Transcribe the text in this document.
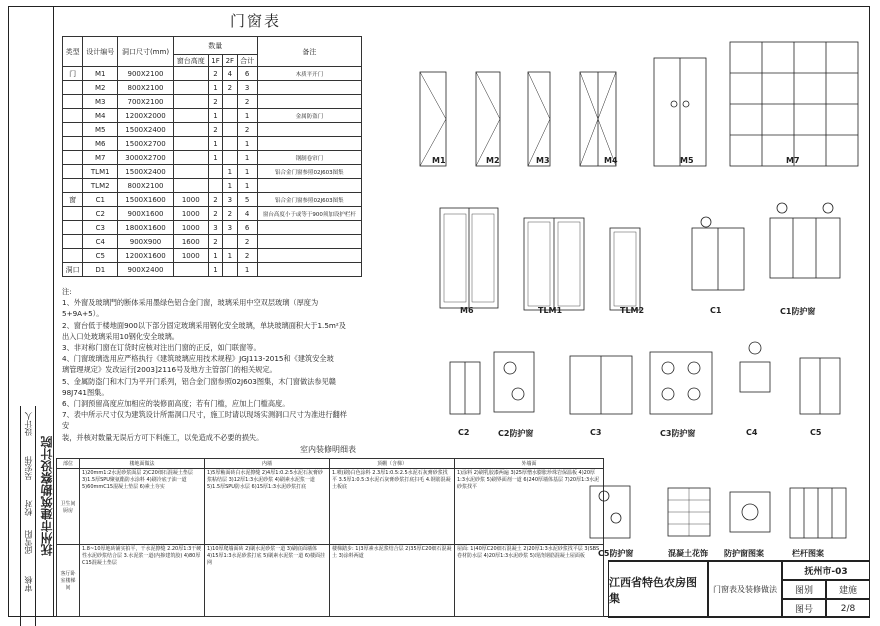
设计人
吴宏伟
校对
邱雪阳
审核
抚州市建筑勘察设计院
门窗表
类型	设计编号	洞口尺寸(mm)	数量				备注
			窗台高度	1F	2F	合计	
门	M1	900X2100		2	4	6	木质平开门
	M2	800X2100		1	2	3	
	M3	700X2100		2		2	
	M4	1200X2000		1		1	金属防盗门
	M5	1500X2400		2		2	
	M6	1500X2700		1		1	
	M7	3000X2700		1		1	钢制卷帘门
	TLM1	1500X2400			1	1	铝合金门窗参照02J603图集
	TLM2	800X2100			1	1	
窗	C1	1500X1600	1000	2	3	5	铝合金门窗参照02J603图集
	C2	900X1600	1000	2	2	4	窗台高度小于或等于900须加设护栏杆
	C3	1800X1600	1000	3	3	6	
	C4	900X900	1600	2		2	
	C5	1200X1600	1000	1	1	2	
洞口	D1	900X2400		1		1	
注:
1、外窗及玻璃門的断体采用墨绿色铝合金门窗，玻璃采用中空双层玻璃（厚度为
5+9A+5）。
2、窗台低于楼地面900以下部分固定玻璃采用钢化安全玻璃，单块玻璃面积大于1.5m²及
出入口处玻璃采用10钢化安全玻璃。
3、非对称门窗在订货时应核对注出门窗的正反，如门联窗等。
4、门窗玻璃选用应严格执行《建筑玻璃应用技术规程》JGJ113-2015和《建筑安全玻
璃管理规定》发改运行[2003]2116号及地方主管部门的相关规定。
5、金属防盗门和木门为平开门系列，铝合金门窗参照02J603图集，木门窗做法参见赣
98J741图集。
6、门洞预留高度应加相应的装修面高度；若有门槛，应加上门槛高度。
7、表中所示尺寸仅为建筑设计所需洞口尺寸，施工时请以现场实测洞口尺寸为准进行翻样安
装，并核对数量无误后方可下料施工，以免造成不必要的损失。
室内装修明细表
部位	楼地面做法	内墙	顶棚（含梯）	外墙面
卫生间厨房	1)20mm1:2水泥砂浆面层 2)C20细石混凝土垫层 3)1.5厚SPU聚氨酯防水涂料 4)刷冷底子油一道 5)60mmC15混凝土垫层 6)素土夯实	1)5厚釉面砖白水泥擦缝 2)4厚1:0.2:5水泥石灰膏砂浆粘结层 3)12厚1:3水泥砂浆 4)刷素水泥浆一道 5)1.5厚SPU防水层 6)15厚1:3水泥砂浆打底	1.喷(刷)白色涂料 2.3厚1:0.5:2.5水泥石灰膏砂浆找平 3.5厚1:0.5:3水泥石灰膏砂浆打底扫毛 4.钢筋混凝土板底	1)涂料 2)刷乳胶漆两遍 3)25厚憎水膨胀珍珠岩保温板 4)20厚1:3水泥砂浆 5)刷界面剂一道 6)240厚墙体基层 7)20厚1:3水泥砂浆找平
客厅卧室楼梯间	1.8~10厚地砖铺实拍平，干水泥擦缝 2.20厚1:3干硬性水泥砂浆结合层 3.水泥浆一道(内掺建筑胶) 4)80厚C15混凝土垫层	1)10厚爬墙面砖 2)刷水泥砂浆一道 3)刷底面墙体 4)15厚1:3水泥砂浆打底 5)刷素水泥浆一道 6)楼面挂网	楼梯踏步: 1)3厚素水泥浆结合层 2)35厚C20细石混凝土 3)涂料两道	屋面: 1)40厚C20细石混凝土 2)20厚1:3水泥砂浆找平层 3)SBS卷材防水层 4)20厚1:3水泥砂浆 5)现浇钢筋混凝土屋面板
M1	M2	M3	M4	M5	M7
M6	TLM1	TLM2	C1	C1防护窗
C2	C2防护窗	C3	C3防护窗	C4	C5
C5防护窗	混凝土花饰 防护窗图案	栏杆图案
江西省特色农房图集
门窗表及装修做法
抚州市-03
图别	建施
图号	2/8
